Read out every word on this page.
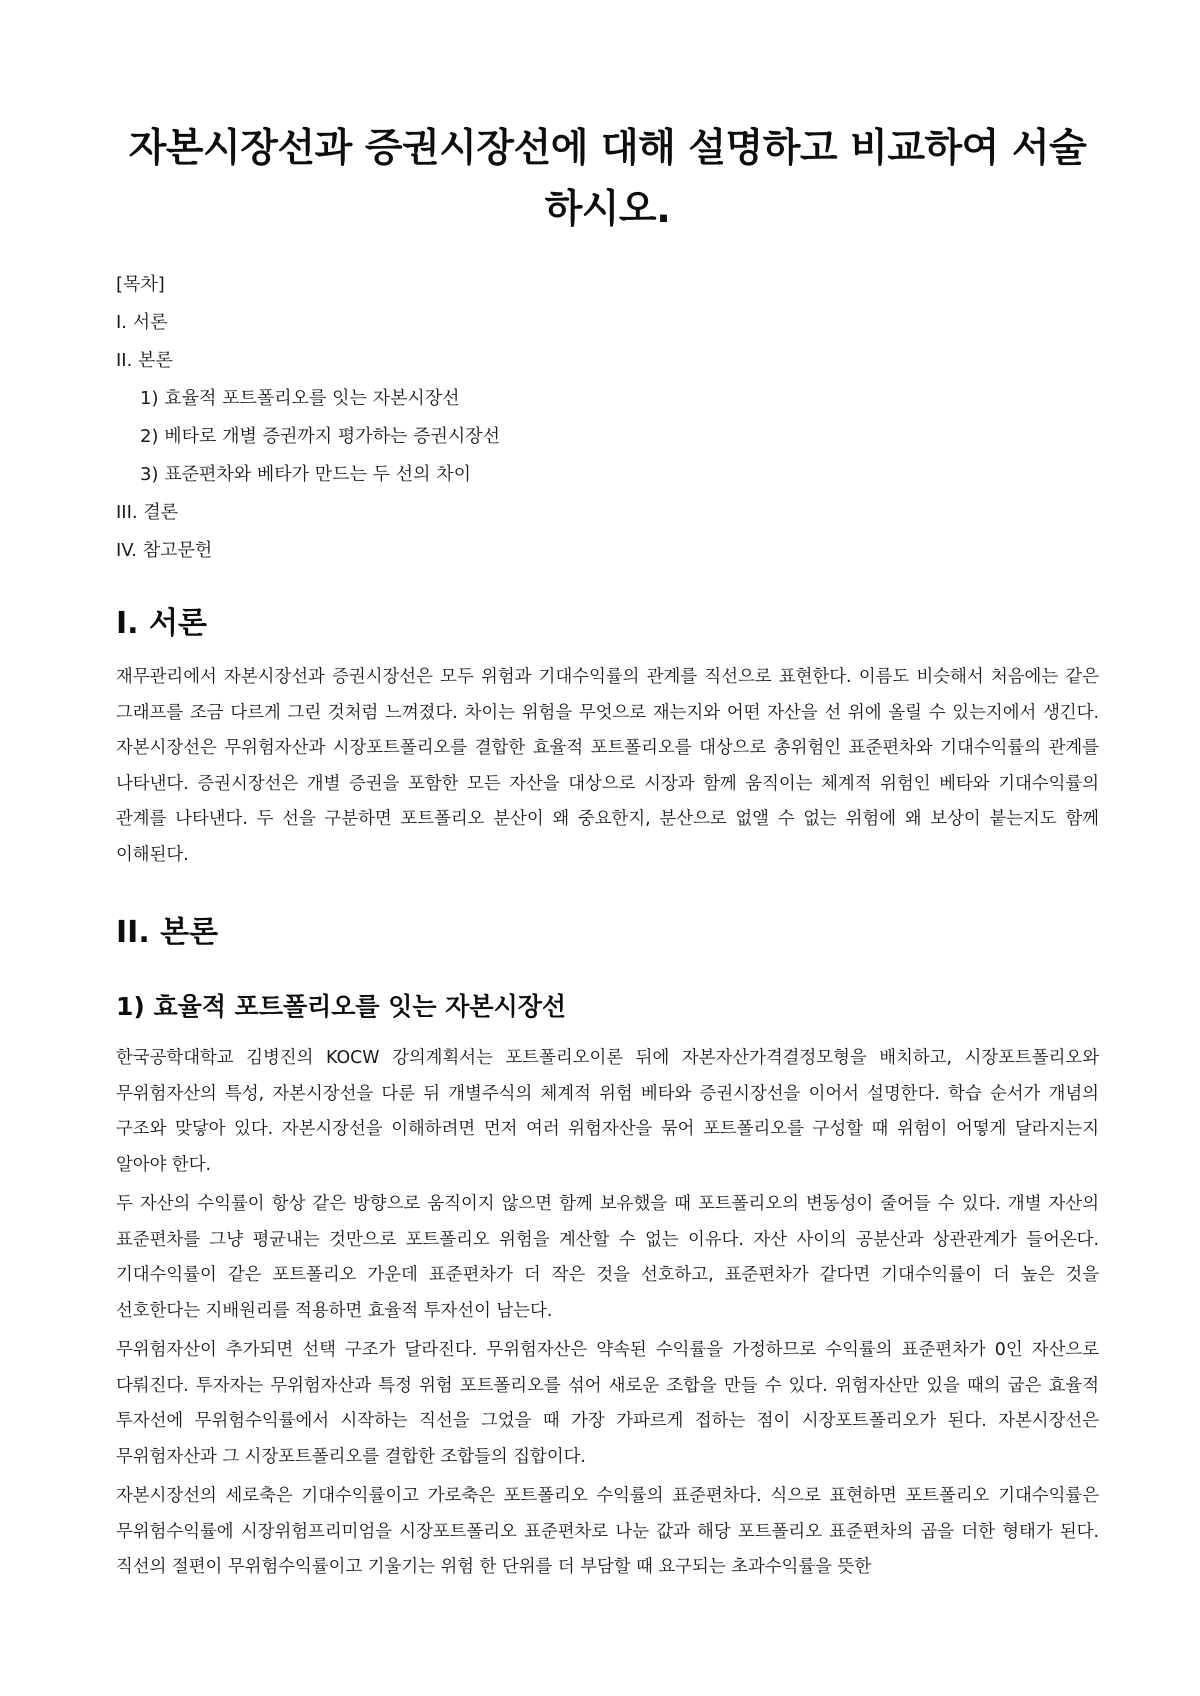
자본시장선과 증권시장선에 대해 설명하고 비교하여 서술하시오.
[목차]
I. 서론
II. 본론
1) 효율적 포트폴리오를 잇는 자본시장선
2) 베타로 개별 증권까지 평가하는 증권시장선
3) 표준편차와 베타가 만드는 두 선의 차이
III. 결론
IV. 참고문헌
I. 서론

재무관리에서 자본시장선과 증권시장선은 모두 위험과 기대수익률의 관계를 직선으로 표현한다. 이름도 비슷해서 처음에는 같은 그래프를 조금 다르게 그린 것처럼 느껴졌다. 차이는 위험을 무엇으로 재는지와 어떤 자산을 선 위에 올릴 수 있는지에서 생긴다. 자본시장선은 무위험자산과 시장포트폴리오를 결합한 효율적 포트폴리오를 대상으로 총위험인 표준편차와 기대수익률의 관계를 나타낸다. 증권시장선은 개별 증권을 포함한 모든 자산을 대상으로 시장과 함께 움직이는 체계적 위험인 베타와 기대수익률의 관계를 나타낸다. 두 선을 구분하면 포트폴리오 분산이 왜 중요한지, 분산으로 없앨 수 없는 위험에 왜 보상이 붙는지도 함께 이해된다.

II. 본론
1) 효율적 포트폴리오를 잇는 자본시장선

한국공학대학교 김병진의 KOCW 강의계획서는 포트폴리오이론 뒤에 자본자산가격결정모형을 배치하고, 시장포트폴리오와 무위험자산의 특성, 자본시장선을 다룬 뒤 개별주식의 체계적 위험 베타와 증권시장선을 이어서 설명한다. 학습 순서가 개념의 구조와 맞닿아 있다. 자본시장선을 이해하려면 먼저 여러 위험자산을 묶어 포트폴리오를 구성할 때 위험이 어떻게 달라지는지 알아야 한다.

두 자산의 수익률이 항상 같은 방향으로 움직이지 않으면 함께 보유했을 때 포트폴리오의 변동성이 줄어들 수 있다. 개별 자산의 표준편차를 그냥 평균내는 것만으로 포트폴리오 위험을 계산할 수 없는 이유다. 자산 사이의 공분산과 상관관계가 들어온다. 기대수익률이 같은 포트폴리오 가운데 표준편차가 더 작은 것을 선호하고, 표준편차가 같다면 기대수익률이 더 높은 것을 선호한다는 지배원리를 적용하면 효율적 투자선이 남는다.

무위험자산이 추가되면 선택 구조가 달라진다. 무위험자산은 약속된 수익률을 가정하므로 수익률의 표준편차가 0인 자산으로 다뤄진다. 투자자는 무위험자산과 특정 위험 포트폴리오를 섞어 새로운 조합을 만들 수 있다. 위험자산만 있을 때의 굽은 효율적 투자선에 무위험수익률에서 시작하는 직선을 그었을 때 가장 가파르게 접하는 점이 시장포트폴리오가 된다. 자본시장선은 무위험자산과 그 시장포트폴리오를 결합한 조합들의 집합이다.

자본시장선의 세로축은 기대수익률이고 가로축은 포트폴리오 수익률의 표준편차다. 식으로 표현하면 포트폴리오 기대수익률은 무위험수익률에 시장위험프리미엄을 시장포트폴리오 표준편차로 나눈 값과 해당 포트폴리오 표준편차의 곱을 더한 형태가 된다. 직선의 절편이 무위험수익률이고 기울기는 위험 한 단위를 더 부담할 때 요구되는 초과수익률을 뜻한
